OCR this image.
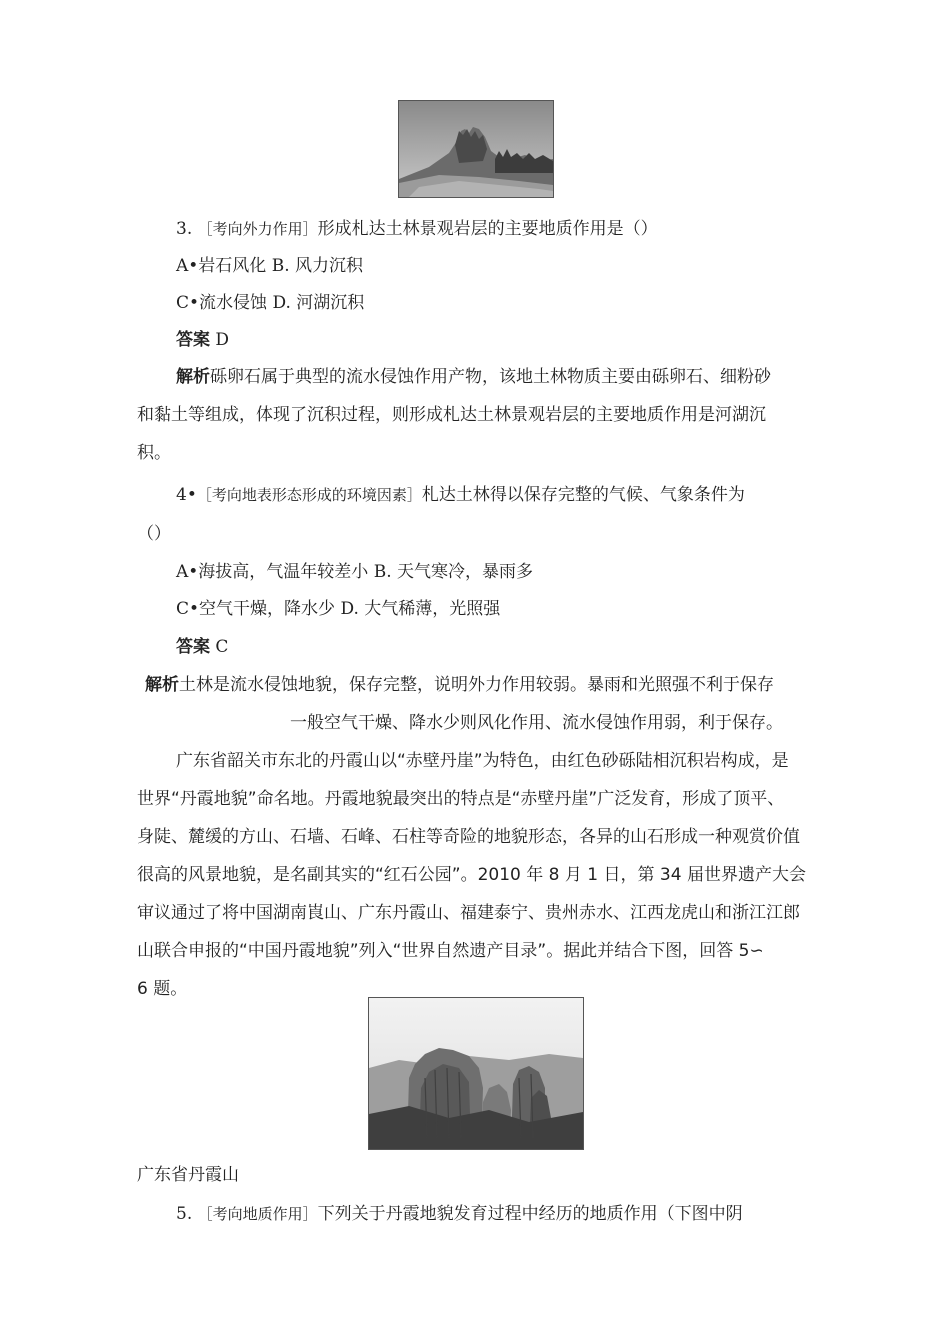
3. ［考向外力作用］形成札达土林景观岩层的主要地质作用是（）
A•岩石风化 B. 风力沉积
C•流水侵蚀 D. 河湖沉积
答案 D
解析砾卵石属于典型的流水侵蚀作用产物，该地土林物质主要由砾卵石、细粉砂
和黏土等组成，体现了沉积过程，则形成札达土林景观岩层的主要地质作用是河湖沉
积。
4•［考向地表形态形成的环境因素］札达土林得以保存完整的气候、气象条件为
（）
A•海拔高，气温年较差小 B. 天气寒冷，暴雨多
C•空气干燥，降水少 D. 大气稀薄，光照强
答案 C
解析土林是流水侵蚀地貌，保存完整，说明外力作用较弱。暴雨和光照强不利于保存
一般空气干燥、降水少则风化作用、流水侵蚀作用弱，利于保存。
广东省韶关市东北的丹霞山以“赤壁丹崖”为特色，由红色砂砾陆相沉积岩构成，是
世界“丹霞地貌”命名地。丹霞地貌最突出的特点是“赤壁丹崖”广泛发育，形成了顶平、
身陡、麓缓的方山、石墙、石峰、石柱等奇险的地貌形态，各异的山石形成一种观赏价值
很高的风景地貌，是名副其实的“红石公园”。2010 年 8 月 1 日，第 34 届世界遗产大会
审议通过了将中国湖南崀山、广东丹霞山、福建泰宁、贵州赤水、江西龙虎山和浙江江郎
山联合申报的“中国丹霞地貌”列入“世界自然遗产目录”。据此并结合下图，回答 5∽
6 题。
广东省丹霞山
5. ［考向地质作用］下列关于丹霞地貌发育过程中经历的地质作用（下图中阴
